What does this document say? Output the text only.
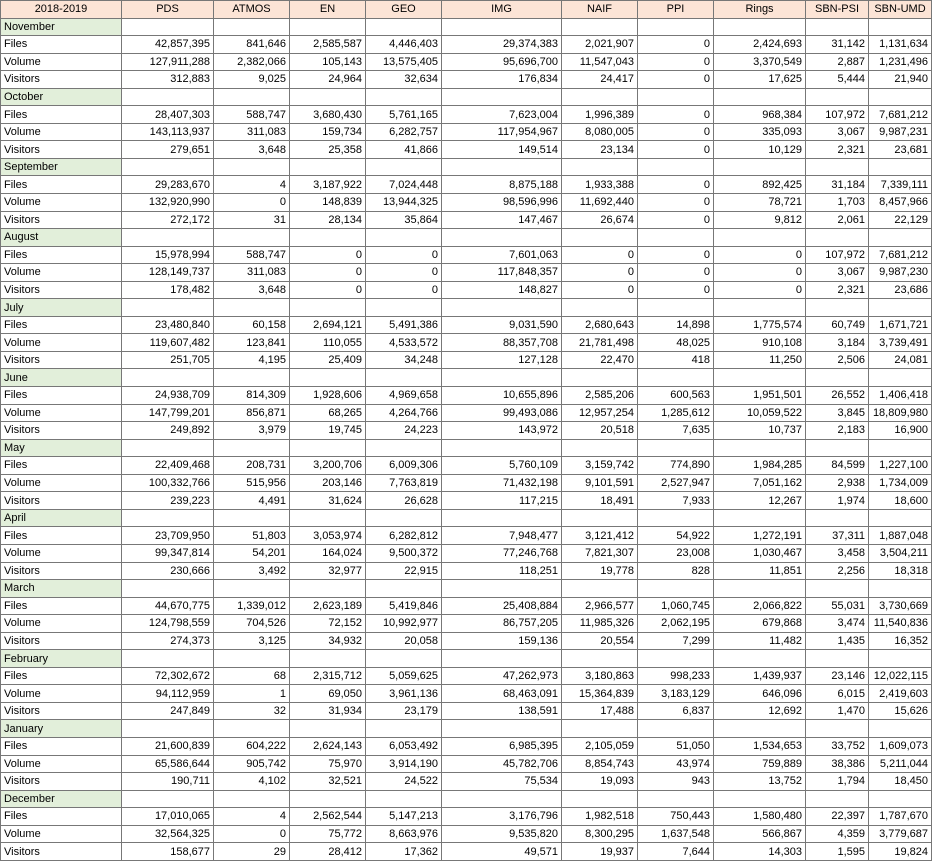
2018-2019	PDS	ATMOS	EN	GEO	IMG	NAIF	PPI	Rings	SBN-PSI	SBN-UMD
November										
Files	42,857,395	841,646	2,585,587	4,446,403	29,374,383	2,021,907	0	2,424,693	31,142	1,131,634
Volume	127,911,288	2,382,066	105,143	13,575,405	95,696,700	11,547,043	0	3,370,549	2,887	1,231,496
Visitors	312,883	9,025	24,964	32,634	176,834	24,417	0	17,625	5,444	21,940
October										
Files	28,407,303	588,747	3,680,430	5,761,165	7,623,004	1,996,389	0	968,384	107,972	7,681,212
Volume	143,113,937	311,083	159,734	6,282,757	117,954,967	8,080,005	0	335,093	3,067	9,987,231
Visitors	279,651	3,648	25,358	41,866	149,514	23,134	0	10,129	2,321	23,681
September										
Files	29,283,670	4	3,187,922	7,024,448	8,875,188	1,933,388	0	892,425	31,184	7,339,111
Volume	132,920,990	0	148,839	13,944,325	98,596,996	11,692,440	0	78,721	1,703	8,457,966
Visitors	272,172	31	28,134	35,864	147,467	26,674	0	9,812	2,061	22,129
August										
Files	15,978,994	588,747	0	0	7,601,063	0	0	0	107,972	7,681,212
Volume	128,149,737	311,083	0	0	117,848,357	0	0	0	3,067	9,987,230
Visitors	178,482	3,648	0	0	148,827	0	0	0	2,321	23,686
July										
Files	23,480,840	60,158	2,694,121	5,491,386	9,031,590	2,680,643	14,898	1,775,574	60,749	1,671,721
Volume	119,607,482	123,841	110,055	4,533,572	88,357,708	21,781,498	48,025	910,108	3,184	3,739,491
Visitors	251,705	4,195	25,409	34,248	127,128	22,470	418	11,250	2,506	24,081
June										
Files	24,938,709	814,309	1,928,606	4,969,658	10,655,896	2,585,206	600,563	1,951,501	26,552	1,406,418
Volume	147,799,201	856,871	68,265	4,264,766	99,493,086	12,957,254	1,285,612	10,059,522	3,845	18,809,980
Visitors	249,892	3,979	19,745	24,223	143,972	20,518	7,635	10,737	2,183	16,900
May										
Files	22,409,468	208,731	3,200,706	6,009,306	5,760,109	3,159,742	774,890	1,984,285	84,599	1,227,100
Volume	100,332,766	515,956	203,146	7,763,819	71,432,198	9,101,591	2,527,947	7,051,162	2,938	1,734,009
Visitors	239,223	4,491	31,624	26,628	117,215	18,491	7,933	12,267	1,974	18,600
April										
Files	23,709,950	51,803	3,053,974	6,282,812	7,948,477	3,121,412	54,922	1,272,191	37,311	1,887,048
Volume	99,347,814	54,201	164,024	9,500,372	77,246,768	7,821,307	23,008	1,030,467	3,458	3,504,211
Visitors	230,666	3,492	32,977	22,915	118,251	19,778	828	11,851	2,256	18,318
March										
Files	44,670,775	1,339,012	2,623,189	5,419,846	25,408,884	2,966,577	1,060,745	2,066,822	55,031	3,730,669
Volume	124,798,559	704,526	72,152	10,992,977	86,757,205	11,985,326	2,062,195	679,868	3,474	11,540,836
Visitors	274,373	3,125	34,932	20,058	159,136	20,554	7,299	11,482	1,435	16,352
February										
Files	72,302,672	68	2,315,712	5,059,625	47,262,973	3,180,863	998,233	1,439,937	23,146	12,022,115
Volume	94,112,959	1	69,050	3,961,136	68,463,091	15,364,839	3,183,129	646,096	6,015	2,419,603
Visitors	247,849	32	31,934	23,179	138,591	17,488	6,837	12,692	1,470	15,626
January										
Files	21,600,839	604,222	2,624,143	6,053,492	6,985,395	2,105,059	51,050	1,534,653	33,752	1,609,073
Volume	65,586,644	905,742	75,970	3,914,190	45,782,706	8,854,743	43,974	759,889	38,386	5,211,044
Visitors	190,711	4,102	32,521	24,522	75,534	19,093	943	13,752	1,794	18,450
December										
Files	17,010,065	4	2,562,544	5,147,213	3,176,796	1,982,518	750,443	1,580,480	22,397	1,787,670
Volume	32,564,325	0	75,772	8,663,976	9,535,820	8,300,295	1,637,548	566,867	4,359	3,779,687
Visitors	158,677	29	28,412	17,362	49,571	19,937	7,644	14,303	1,595	19,824
